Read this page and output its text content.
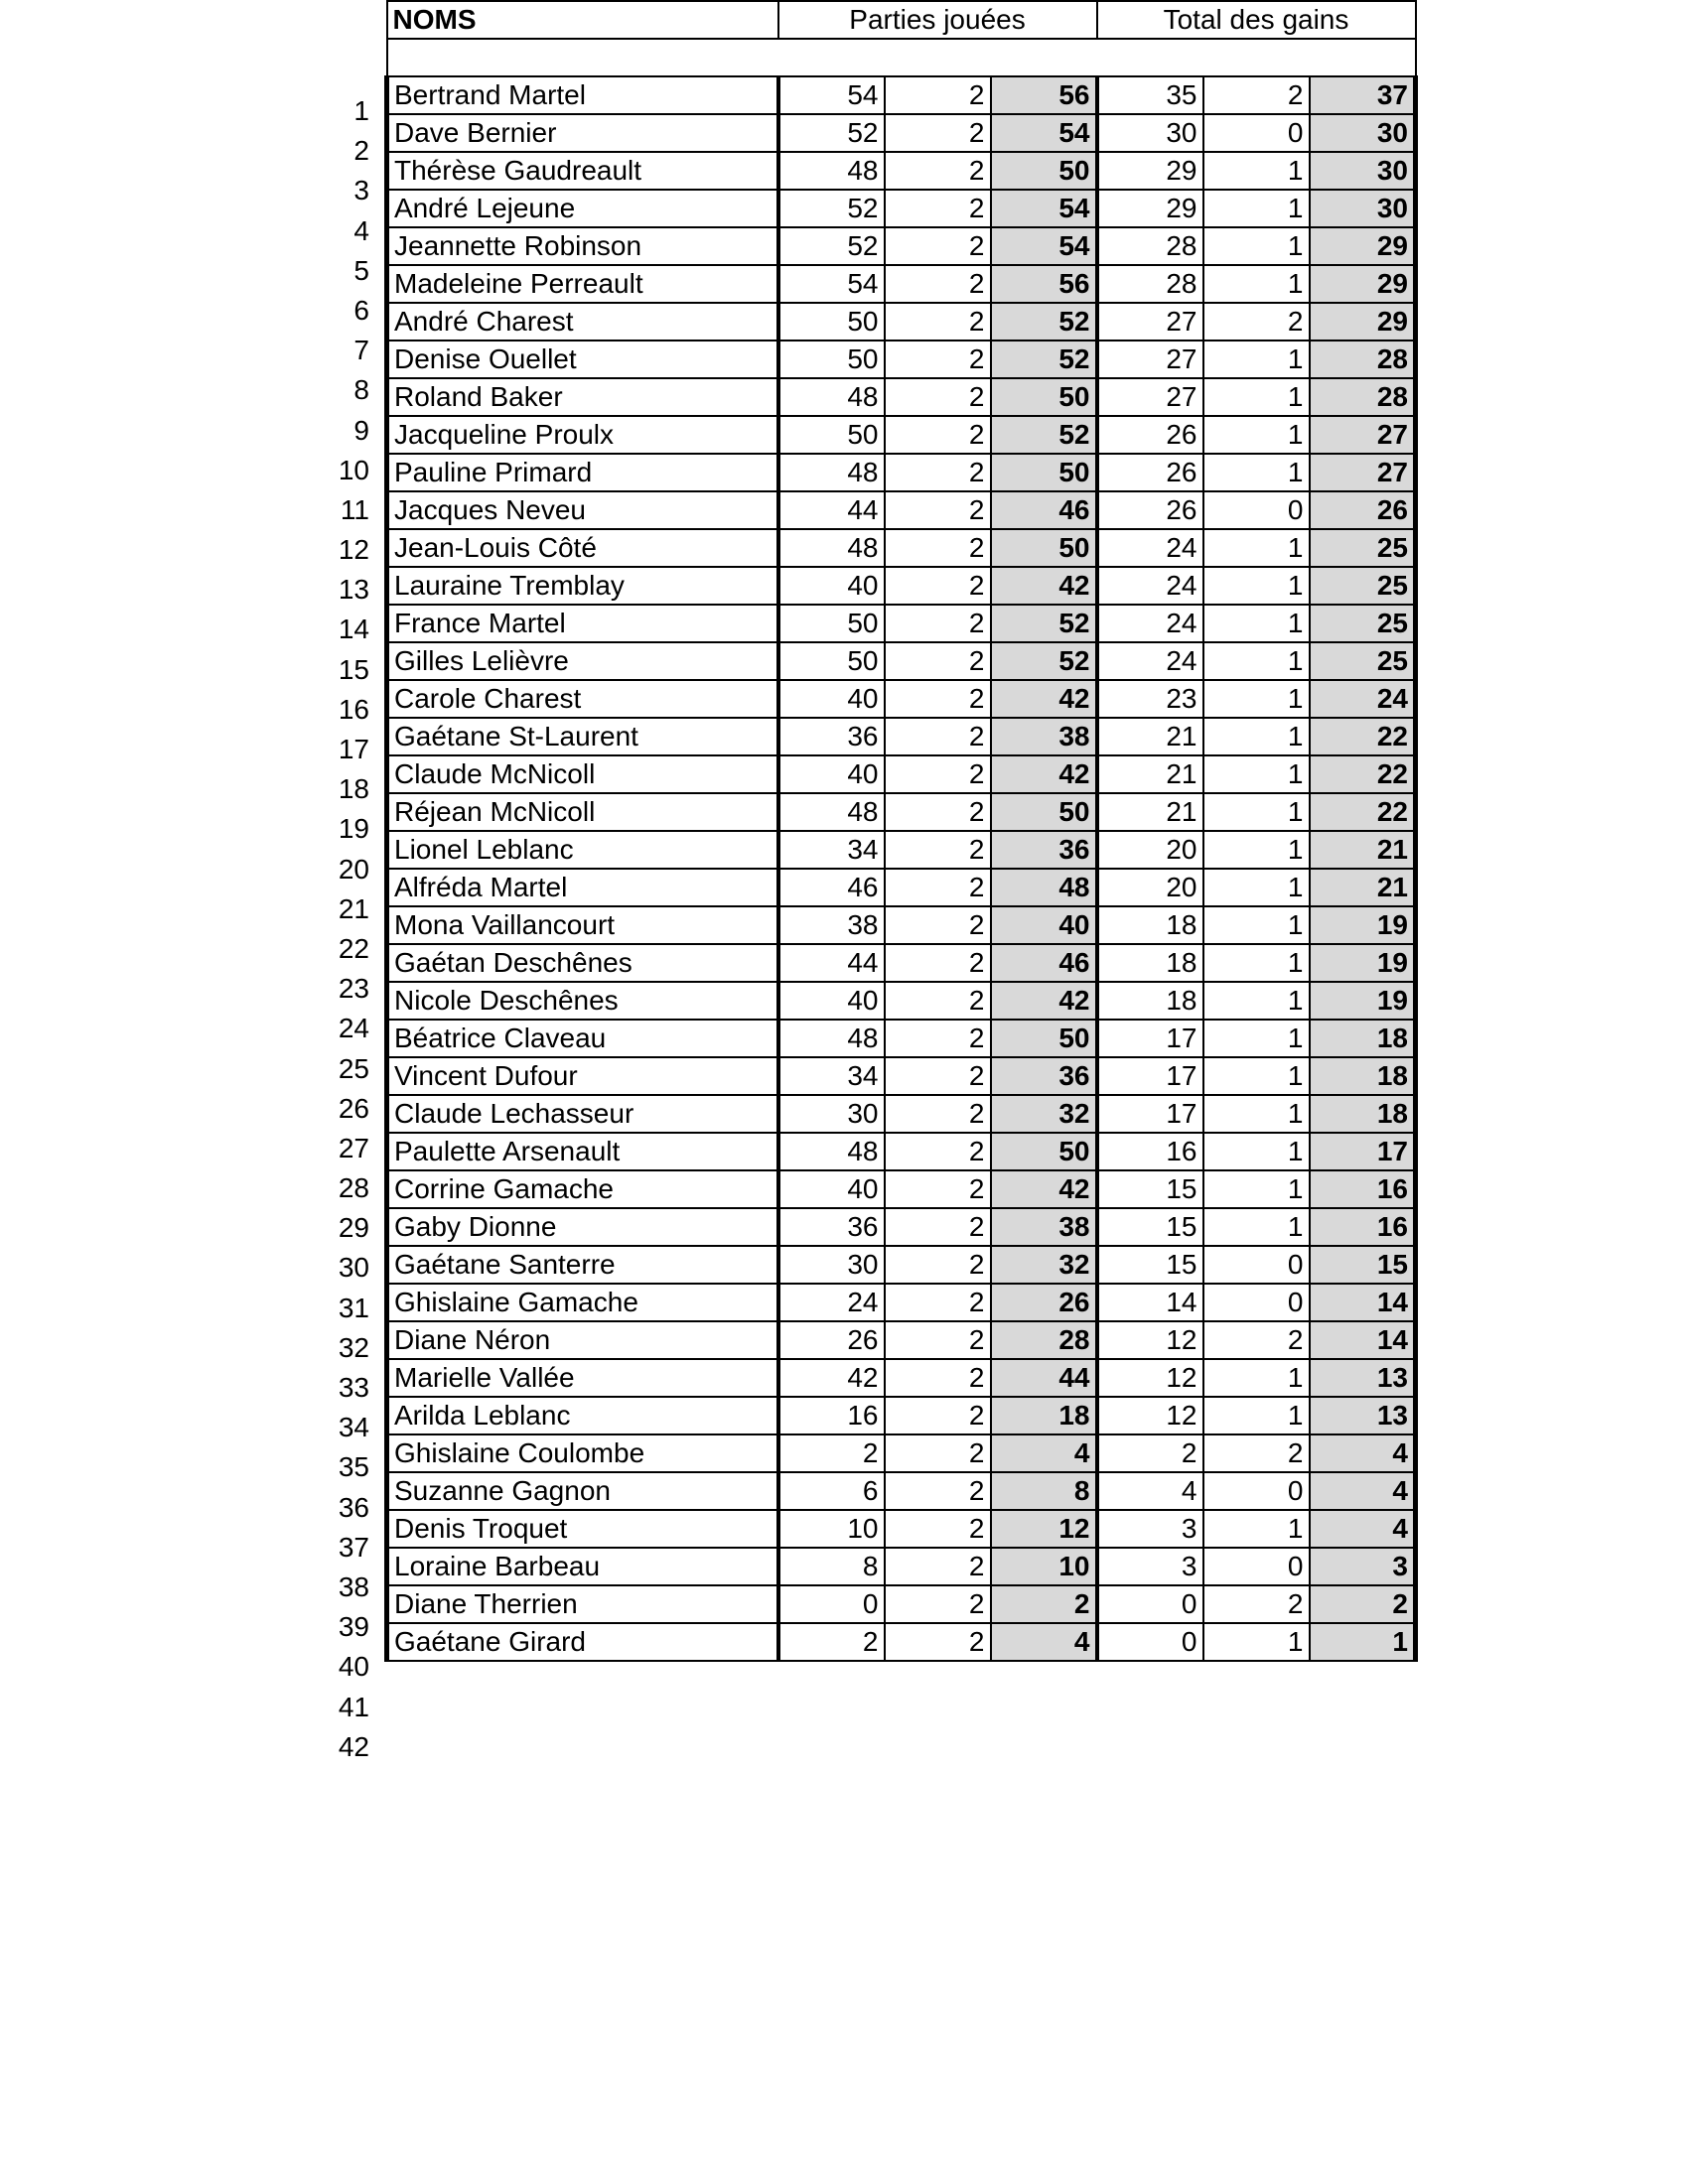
1
2
3
4
5
6
7
8
9
10
11
12
13
14
15
16
17
18
19
20
21
22
23
24
25
26
27
28
29
30
31
32
33
34
35
36
37
38
39
40
41
42
NOMS	Parties jouées			Total des gains		

Bertrand Martel	54	2	56	35	2	37
Dave Bernier	52	2	54	30	0	30
Thérèse Gaudreault	48	2	50	29	1	30
André Lejeune	52	2	54	29	1	30
Jeannette Robinson	52	2	54	28	1	29
Madeleine Perreault	54	2	56	28	1	29
André Charest	50	2	52	27	2	29
Denise Ouellet	50	2	52	27	1	28
Roland Baker	48	2	50	27	1	28
Jacqueline Proulx	50	2	52	26	1	27
Pauline Primard	48	2	50	26	1	27
Jacques Neveu	44	2	46	26	0	26
Jean-Louis Côté	48	2	50	24	1	25
Lauraine Tremblay	40	2	42	24	1	25
France Martel	50	2	52	24	1	25
Gilles Lelièvre	50	2	52	24	1	25
Carole Charest	40	2	42	23	1	24
Gaétane St-Laurent	36	2	38	21	1	22
Claude McNicoll	40	2	42	21	1	22
Réjean McNicoll	48	2	50	21	1	22
Lionel Leblanc	34	2	36	20	1	21
Alfréda Martel	46	2	48	20	1	21
Mona Vaillancourt	38	2	40	18	1	19
Gaétan Deschênes	44	2	46	18	1	19
Nicole Deschênes	40	2	42	18	1	19
Béatrice Claveau	48	2	50	17	1	18
Vincent Dufour	34	2	36	17	1	18
Claude Lechasseur	30	2	32	17	1	18
Paulette Arsenault	48	2	50	16	1	17
Corrine Gamache	40	2	42	15	1	16
Gaby Dionne	36	2	38	15	1	16
Gaétane Santerre	30	2	32	15	0	15
Ghislaine Gamache	24	2	26	14	0	14
Diane Néron	26	2	28	12	2	14
Marielle Vallée	42	2	44	12	1	13
Arilda Leblanc	16	2	18	12	1	13
Ghislaine Coulombe	2	2	4	2	2	4
Suzanne Gagnon	6	2	8	4	0	4
Denis Troquet	10	2	12	3	1	4
Loraine Barbeau	8	2	10	3	0	3
Diane Therrien	0	2	2	0	2	2
Gaétane Girard	2	2	4	0	1	1
